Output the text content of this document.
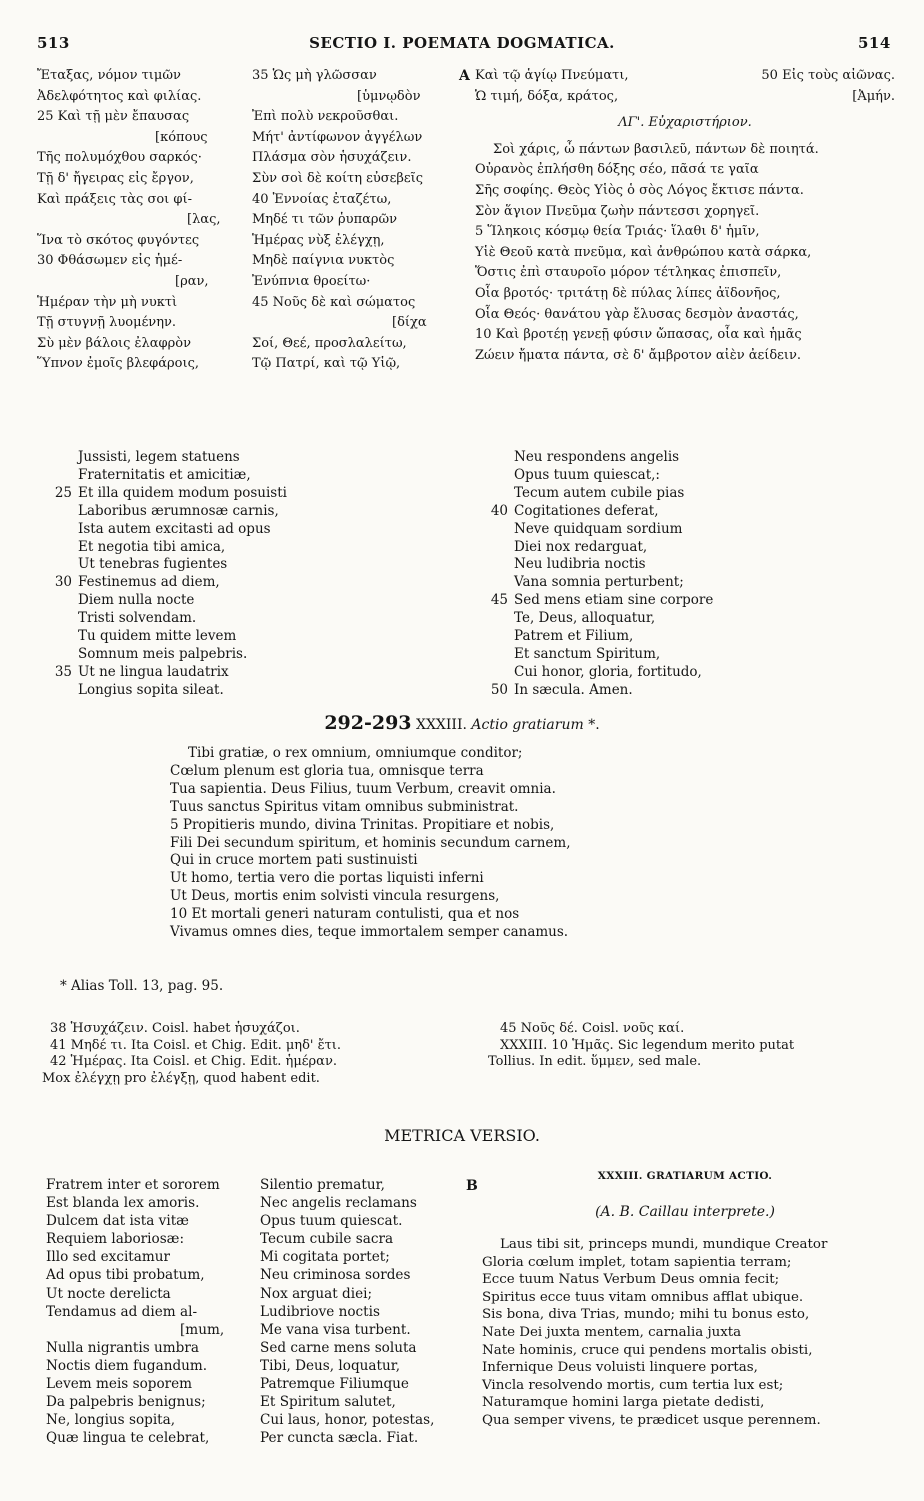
513	SECTIO I. POEMATA DOGMATICA.	514
Ἔταξας, νόμον τιμῶν
Ἀδελφότητος καὶ φιλίας.
25 Καὶ τῇ μὲν ἔπαυσας
[κόπους
Τῆς πολυμόχθου σαρκός·
Τῇ δ' ἤγειρας εἰς ἔργον,
Καὶ πράξεις τὰς σοι φί-
[λας,
Ἵνα τὸ σκότος φυγόντες
30 Φθάσωμεν εἰς ἡμέ-
[ραν,
Ἡμέραν τὴν μὴ νυκτὶ
Τῇ στυγνῇ λυομένην.
Σὺ μὲν βάλοις ἐλαφρὸν
Ὕπνον ἐμοῖς βλεφάροις,
35 Ὡς μὴ γλῶσσαν
[ὑμνῳδὸν
Ἐπὶ πολὺ νεκροῦσθαι.
Μήτ' ἀντίφωνον ἀγγέλων
Πλάσμα σὸν ἡσυχάζειν.
Σὺν σοὶ δὲ κοίτη εὐσεβεῖς
40 Ἐννοίας ἐταζέτω,
Μηδέ τι τῶν ῥυπαρῶν
Ἡμέρας νὺξ ἐλέγχῃ,
Μηδὲ παίγνια νυκτὸς
Ἐνύπνια θροείτω·
45 Νοῦς δὲ καὶ σώματος
[δίχα
Σοί, Θεέ, προσλαλείτω,
Τῷ Πατρί, καὶ τῷ Υἱῷ,
A Καὶ τῷ ἁγίῳ Πνεύματι,	50 Εἰς τοὺς αἰῶνας.
Ὡ τιμή, δόξα, κράτος,	[Ἀμήν.
ΛΓ'. Εὐχαριστήριον.
Σοὶ χάρις, ὦ πάντων βασιλεῦ, πάντων δὲ ποιητά.
Οὐρανὸς ἐπλήσθη δόξης σέο, πᾶσά τε γαῖα
Σῆς σοφίης. Θεὸς Υἱὸς ὁ σὸς Λόγος ἔκτισε πάντα.
Σὸν ἅγιον Πνεῦμα ζωὴν πάντεσσι χορηγεῖ.
5 Ἵληκοις κόσμῳ θεία Τριάς· ἵλαθι δ' ἡμῖν,
Υἱὲ Θεοῦ κατὰ πνεῦμα, καὶ ἀνθρώπου κατὰ σάρκα,
Ὅστις ἐπὶ σταυροῖο μόρον τέτληκας ἐπισπεῖν,
Οἷα βροτός· τριτάτῃ δὲ πύλας λίπες ἀϊδονῆος,
Οἷα Θεός· θανάτου γὰρ ἔλυσας δεσμὸν ἀναστάς,
10 Καὶ βροτέῃ γενεῇ φύσιν ὤπασας, οἷα καὶ ἡμᾶς
Ζώειν ἤματα πάντα, σὲ δ' ἄμβροτον αἰὲν ἀείδειν.
Jussisti, legem statuens
Fraternitatis et amicitiæ,
25 Et illa quidem modum posuisti
Laboribus ærumnosæ carnis,
Ista autem excitasti ad opus
Et negotia tibi amica,
Ut tenebras fugientes
30 Festinemus ad diem,
Diem nulla nocte
Tristi solvendam.
Tu quidem mitte levem
Somnum meis palpebris.
35 Ut ne lingua laudatrix
Longius sopita sileat.
Neu respondens angelis
Opus tuum quiescat,:
Tecum autem cubile pias
40 Cogitationes deferat,
Neve quidquam sordium
Diei nox redarguat,
Neu ludibria noctis
Vana somnia perturbent;
45 Sed mens etiam sine corpore
Te, Deus, alloquatur,
Patrem et Filium,
Et sanctum Spiritum,
Cui honor, gloria, fortitudo,
50 In sæcula. Amen.
292-293 XXXIII. Actio gratiarum *.
Tibi gratiæ, o rex omnium, omniumque conditor;
Cœlum plenum est gloria tua, omnisque terra
Tua sapientia. Deus Filius, tuum Verbum, creavit omnia.
Tuus sanctus Spiritus vitam omnibus subministrat.
5 Propitieris mundo, divina Trinitas. Propitiare et nobis,
Fili Dei secundum spiritum, et hominis secundum carnem,
Qui in cruce mortem pati sustinuisti
Ut homo, tertia vero die portas liquisti inferni
Ut Deus, mortis enim solvisti vincula resurgens,
10 Et mortali generi naturam contulisti, qua et nos
Vivamus omnes dies, teque immortalem semper canamus.
* Alias Toll. 13, pag. 95.
38 Ἡσυχάζειν. Coisl. habet ἡσυχάζοι.
41 Μηδέ τι. Ita Coisl. et Chig. Edit. μηδ' ἔτι.
42 Ἡμέρας. Ita Coisl. et Chig. Edit. ἡμέραν.
Mox ἐλέγχῃ pro ἐλέγξῃ, quod habent edit.
45 Νοῦς δέ. Coisl. νοῦς καί.
XXXIII. 10 Ἡμᾶς. Sic legendum merito putat
Tollius. In edit. ὕμμεν, sed male.
METRICA VERSIO.
Fratrem inter et sororem
Est blanda lex amoris.
Dulcem dat ista vitæ
Requiem laboriosæ:
Illo sed excitamur
Ad opus tibi probatum,
Ut nocte derelicta
Tendamus ad diem al-
[mum,
Nulla nigrantis umbra
Noctis diem fugandum.
Levem meis soporem
Da palpebris benignus;
Ne, longius sopita,
Quæ lingua te celebrat,
Silentio prematur,
Nec angelis reclamans
Opus tuum quiescat.
Tecum cubile sacra
Mi cogitata portet;
Neu criminosa sordes
Nox arguat diei;
Ludibriove noctis
Me vana visa turbent.
Sed carne mens soluta
Tibi, Deus, loquatur,
Patremque Filiumque
Et Spiritum salutet,
Cui laus, honor, potestas,
Per cuncta sæcla. Fiat.
B
XXXIII. GRATIARUM ACTIO.
(A. B. Caillau interprete.)
Laus tibi sit, princeps mundi, mundique Creator
Gloria cœlum implet, totam sapientia terram;
Ecce tuum Natus Verbum Deus omnia fecit;
Spiritus ecce tuus vitam omnibus afflat ubique.
Sis bona, diva Trias, mundo; mihi tu bonus esto,
Nate Dei juxta mentem, carnalia juxta
Nate hominis, cruce qui pendens mortalis obisti,
Infernique Deus voluisti linquere portas,
Vincla resolvendo mortis, cum tertia lux est;
Naturamque homini larga pietate dedisti,
Qua semper vivens, te prædicet usque perennem.
